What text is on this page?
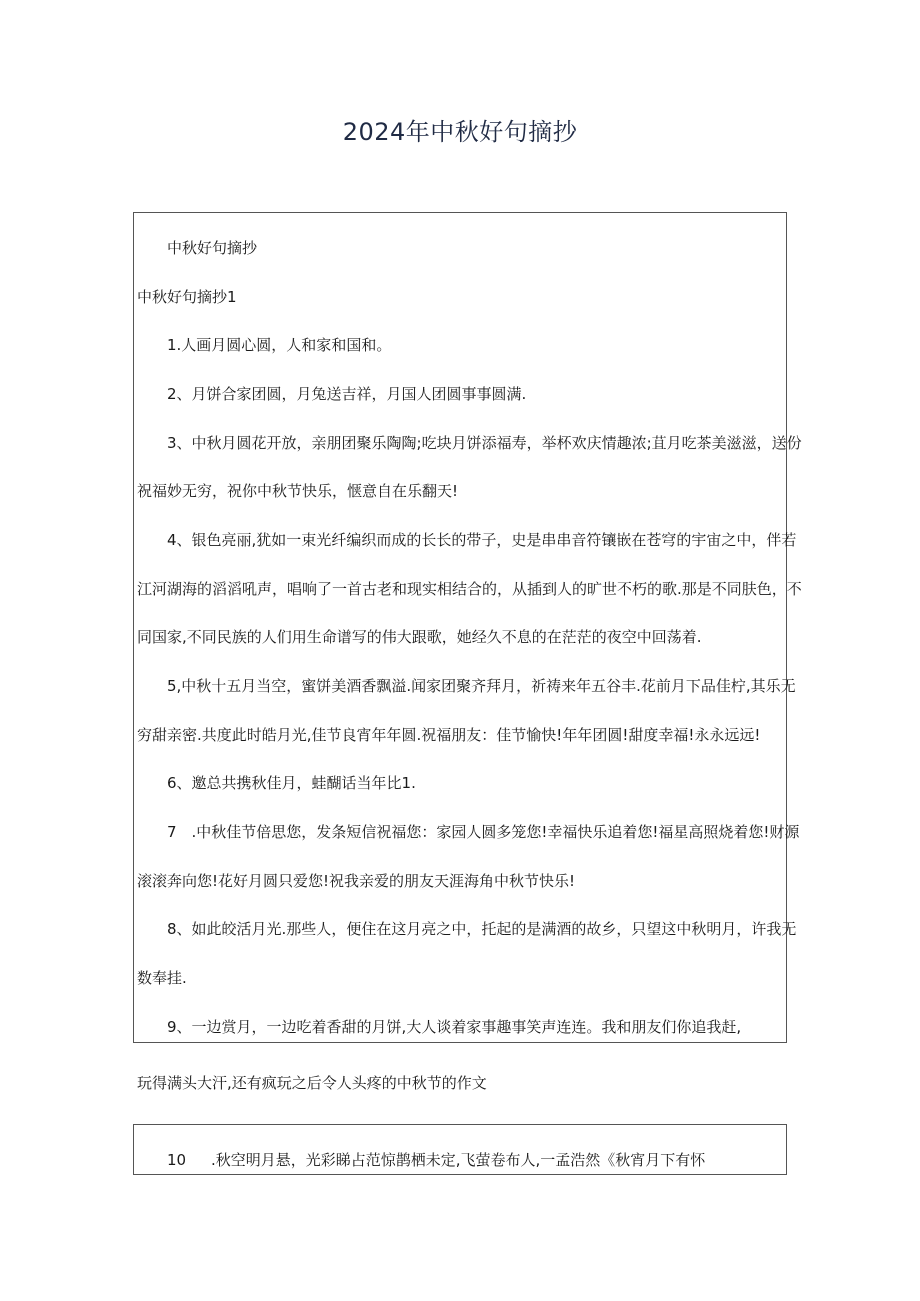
2024年中秋好句摘抄
中秋好句摘抄
中秋好句摘抄1
1.人画月圆心圆，人和家和国和。
2、月饼合家团圆，月兔送吉祥，月国人团圆事事圆满.
3、中秋月圆花开放，亲朋团聚乐陶陶;吃块月饼添福寿，举杯欢庆情趣浓;苴月吃茶美滋滋，送份
祝福妙无穷，祝你中秋节快乐，惬意自在乐翻天!
4、银色亮丽,犹如一束光纤编织而成的长长的带子，史是串串音符镶嵌在苍穹的宇宙之中，伴若
江河湖海的滔滔吼声，唱响了一首古老和现实相结合的，从插到人的旷世不朽的歌.那是不同肤色，不
同国家,不同民族的人们用生命谱写的伟大跟歌，她经久不息的在茫茫的夜空中回荡着.
5,中秋十五月当空，蜜饼美酒香飘溢.闻家团聚齐拜月，祈祷来年五谷丰.花前月下品佳柠,其乐无
穷甜亲密.共度此时皓月光,佳节良宵年年圆.祝福朋友：佳节愉快!年年团圆!甜度幸福!永永远远!
6、邀总共携秋佳月，蛙醐话当年比1.
7　.中秋佳节倍思您，发条短信祝福您：家园人圆多笼您!幸福快乐追着您!福星高照烧着您!财源
滚滚奔向您!花好月圆只爱您!祝我亲爱的朋友天涯海角中秋节快乐!
8、如此皎活月光.那些人，便住在这月亮之中，托起的是满酒的故乡，只望这中秋明月，许我无
数奉挂.
9、一边赏月，一边吃着香甜的月饼,大人谈着家事趣事笑声连连。我和朋友们你追我赶,
玩得满头大汗,还有疯玩之后令人头疼的中秋节的作文
10 .秋空明月悬，光彩睇占范惊鹊栖未定,飞萤卷布人,一孟浩然《秋宵月下有怀
